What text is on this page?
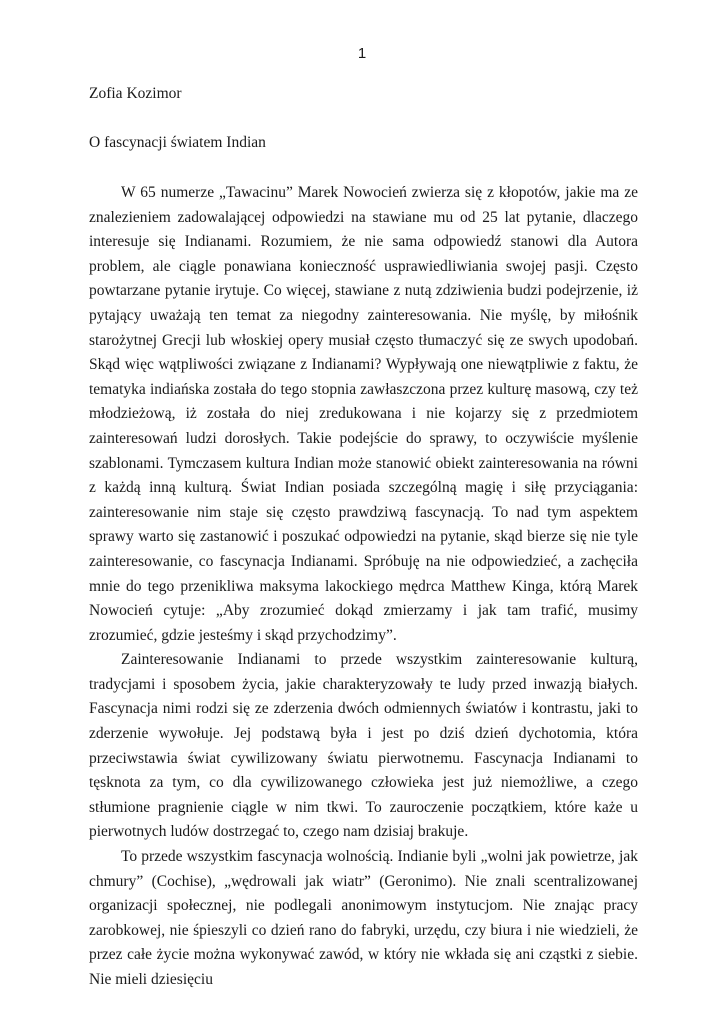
1
Zofia Kozimor
O fascynacji światem Indian

W 65 numerze „Tawacinu” Marek Nowocień zwierza się z kłopotów, jakie ma ze znalezieniem zadowalającej odpowiedzi na stawiane mu od 25 lat pytanie, dlaczego interesuje się Indianami. Rozumiem, że nie sama odpowiedź stanowi dla Autora problem, ale ciągle ponawiana konieczność usprawiedliwiania swojej pasji. Często powtarzane pytanie irytuje. Co więcej, stawiane z nutą zdziwienia budzi podejrzenie, iż pytający uważają ten temat za niegodny zainteresowania. Nie myślę, by miłośnik starożytnej Grecji lub włoskiej opery musiał często tłumaczyć się ze swych upodobań. Skąd więc wątpliwości związane z Indianami? Wypływają one niewątpliwie z faktu, że tematyka indiańska została do tego stopnia zawłaszczona przez kulturę masową, czy też młodzieżową, iż została do niej zredukowana i nie kojarzy się z przedmiotem zainteresowań ludzi dorosłych. Takie podejście do sprawy, to oczywiście myślenie szablonami. Tymczasem kultura Indian może stanowić obiekt zainteresowania na równi z każdą inną kulturą. Świat Indian posiada szczególną magię i siłę przyciągania: zainteresowanie nim staje się często prawdziwą fascynacją. To nad tym aspektem sprawy warto się zastanowić i poszukać odpowiedzi na pytanie, skąd bierze się nie tyle zainteresowanie, co fascynacja Indianami. Spróbuję na nie odpowiedzieć, a zachęciła mnie do tego przenikliwa maksyma lakockiego mędrca Matthew Kinga, którą Marek Nowocień cytuje: „Aby zrozumieć dokąd zmierzamy i jak tam trafić, musimy zrozumieć, gdzie jesteśmy i skąd przychodzimy”.

Zainteresowanie Indianami to przede wszystkim zainteresowanie kulturą, tradycjami i sposobem życia, jakie charakteryzowały te ludy przed inwazją białych. Fascynacja nimi rodzi się ze zderzenia dwóch odmiennych światów i kontrastu, jaki to zderzenie wywołuje. Jej podstawą była i jest po dziś dzień dychotomia, która przeciwstawia świat cywilizowany światu pierwotnemu. Fascynacja Indianami to tęsknota za tym, co dla cywilizowanego człowieka jest już niemożliwe, a czego stłumione pragnienie ciągle w nim tkwi. To zauroczenie początkiem, które każe u pierwotnych ludów dostrzegać to, czego nam dzisiaj brakuje.

To przede wszystkim fascynacja wolnością. Indianie byli „wolni jak powietrze, jak chmury” (Cochise), „wędrowali jak wiatr” (Geronimo). Nie znali scentralizowanej organizacji społecznej, nie podlegali anonimowym instytucjom. Nie znając pracy zarobkowej, nie śpieszyli co dzień rano do fabryki, urzędu, czy biura i nie wiedzieli, że przez całe życie można wykonywać zawód, w który nie wkłada się ani cząstki z siebie. Nie mieli dziesięciu
